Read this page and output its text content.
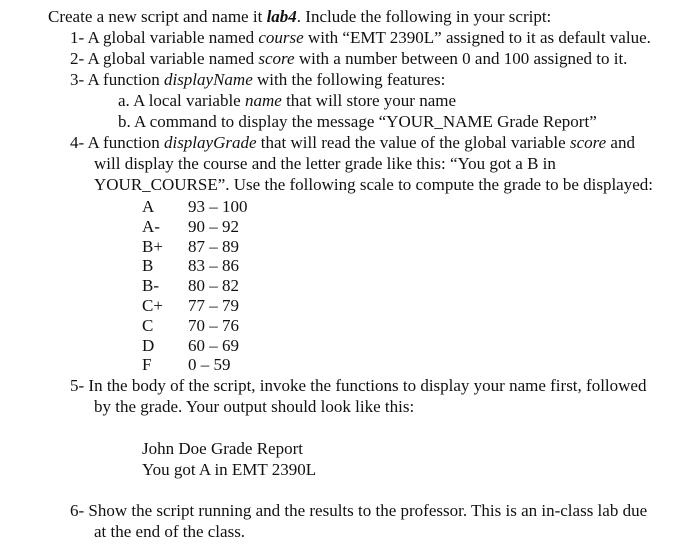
Create a new script and name it lab4. Include the following in your script:
1- A global variable named course with “EMT 2390L” assigned to it as default value.
2- A global variable named score with a number between 0 and 100 assigned to it.
3- A function displayName with the following features:
a. A local variable name that will store your name
b. A command to display the message “YOUR_NAME Grade Report”
4- A function displayGrade that will read the value of the global variable score and
will display the course and the letter grade like this: “You got a B in
YOUR_COURSE”. Use the following scale to compute the grade to be displayed:
A 93 – 100
A- 90 – 92
B+ 87 – 89
B 83 – 86
B- 80 – 82
C+ 77 – 79
C 70 – 76
D 60 – 69
F 0 – 59
5- In the body of the script, invoke the functions to display your name first, followed
by the grade. Your output should look like this:
John Doe Grade Report
You got A in EMT 2390L
6- Show the script running and the results to the professor. This is an in-class lab due
at the end of the class.
